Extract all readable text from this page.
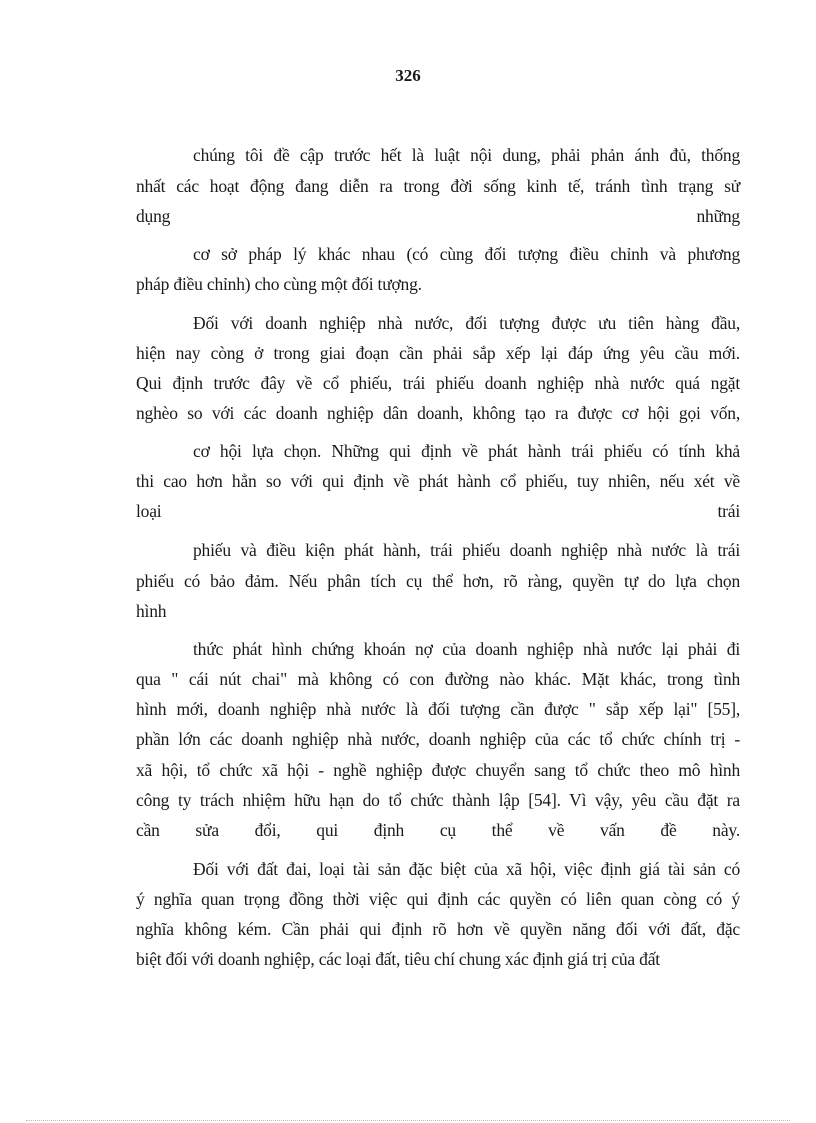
326
chúng tôi đề cập trước hết là luật nội dung, phải phản ánh đủ, thống
nhất các hoạt động đang diễn ra trong đời sống kinh tế, tránh tình trạng sử
dụng những
cơ sở pháp lý khác nhau (có cùng đối tượng điều chỉnh và phương
pháp điều chỉnh) cho cùng một đối tượng.
Đối với doanh nghiệp nhà nước, đối tượng được ưu tiên hàng đầu,
hiện nay còng ở trong giai đoạn cần phải sắp xếp lại đáp ứng yêu cầu mới.
Qui định trước đây về cổ phiếu, trái phiếu doanh nghiệp nhà nước quá ngặt
nghèo so với các doanh nghiệp dân doanh, không tạo ra được cơ hội gọi vốn,
cơ hội lựa chọn. Những qui định về phát hành trái phiếu có tính khả
thi cao hơn hẳn so với qui định về phát hành cổ phiếu, tuy nhiên, nếu xét về
loại trái
phiếu và điều kiện phát hành, trái phiếu doanh nghiệp nhà nước là trái
phiếu có bảo đảm. Nếu phân tích cụ thể hơn, rõ ràng, quyền tự do lựa chọn
hình
thức phát hình chứng khoán nợ của doanh nghiệp nhà nước lại phải đi
qua " cái nút chai" mà không có con đường nào khác. Mặt khác, trong tình
hình mới, doanh nghiệp nhà nước là đối tượng cần được " sắp xếp lại" [55],
phần lớn các doanh nghiệp nhà nước, doanh nghiệp của các tổ chức chính trị -
xã hội, tổ chức xã hội - nghề nghiệp được chuyển sang tổ chức theo mô hình
công ty trách nhiệm hữu hạn do tổ chức thành lập [54]. Vì vậy, yêu cầu đặt ra
cần sửa đổi, qui định cụ thể về vấn đề này.
Đối với đất đai, loại tài sản đặc biệt của xã hội, việc định giá tài sản có
ý nghĩa quan trọng đồng thời việc qui định các quyền có liên quan còng có ý
nghĩa không kém. Cần phải qui định rõ hơn về quyền năng đối với đất, đặc
biệt đối với doanh nghiệp, các loại đất, tiêu chí chung xác định giá trị của đất
